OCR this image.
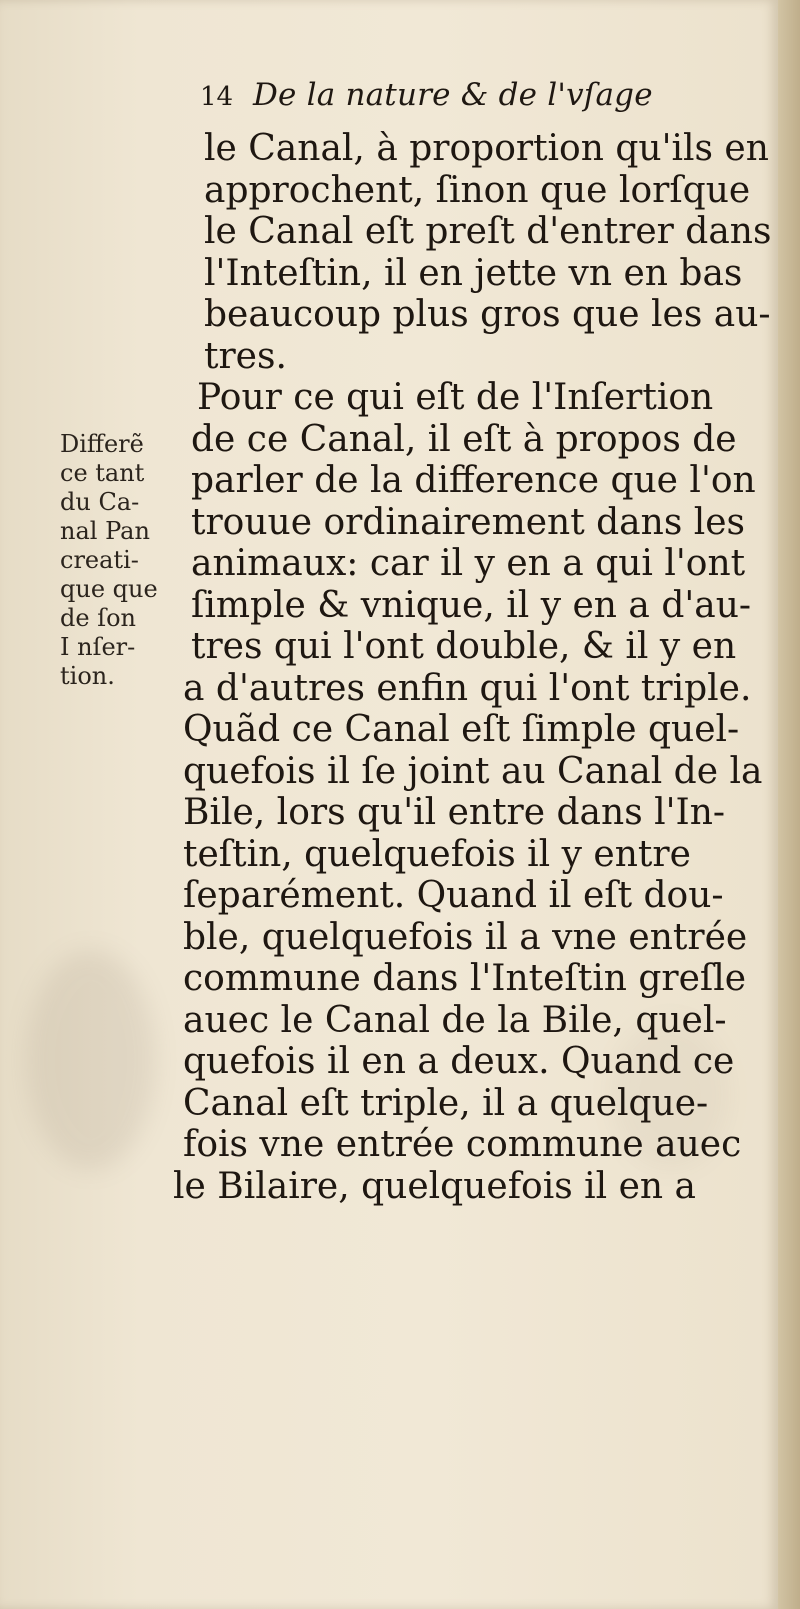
14 De la nature & de l'vſage
Differẽ
ce tant
du Ca-
nal Pan
creati-
que que
de ſon
I nſer-
tion.
le Canal, à proportion qu'ils en
approchent, ſinon que lorſque
le Canal eſt preſt d'entrer dans
l'Inteſtin, il en jette vn en bas
beaucoup plus gros que les au-
tres.
Pour ce qui eſt de l'Inſertion
de ce Canal, il eſt à propos de
parler de la difference que l'on
trouue ordinairement dans les
animaux: car il y en a qui l'ont
ſimple & vnique, il y en a d'au-
tres qui l'ont double, & il y en
a d'autres enfin qui l'ont triple.
Quãd ce Canal eſt ſimple quel-
quefois il ſe joint au Canal de la
Bile, lors qu'il entre dans l'In-
teſtin, quelquefois il y entre
ſeparément. Quand il eſt dou-
ble, quelquefois il a vne entrée
commune dans l'Inteſtin greſle
auec le Canal de la Bile, quel-
quefois il en a deux. Quand ce
Canal eſt triple, il a quelque-
fois vne entrée commune auec
le Bilaire, quelquefois il en a
